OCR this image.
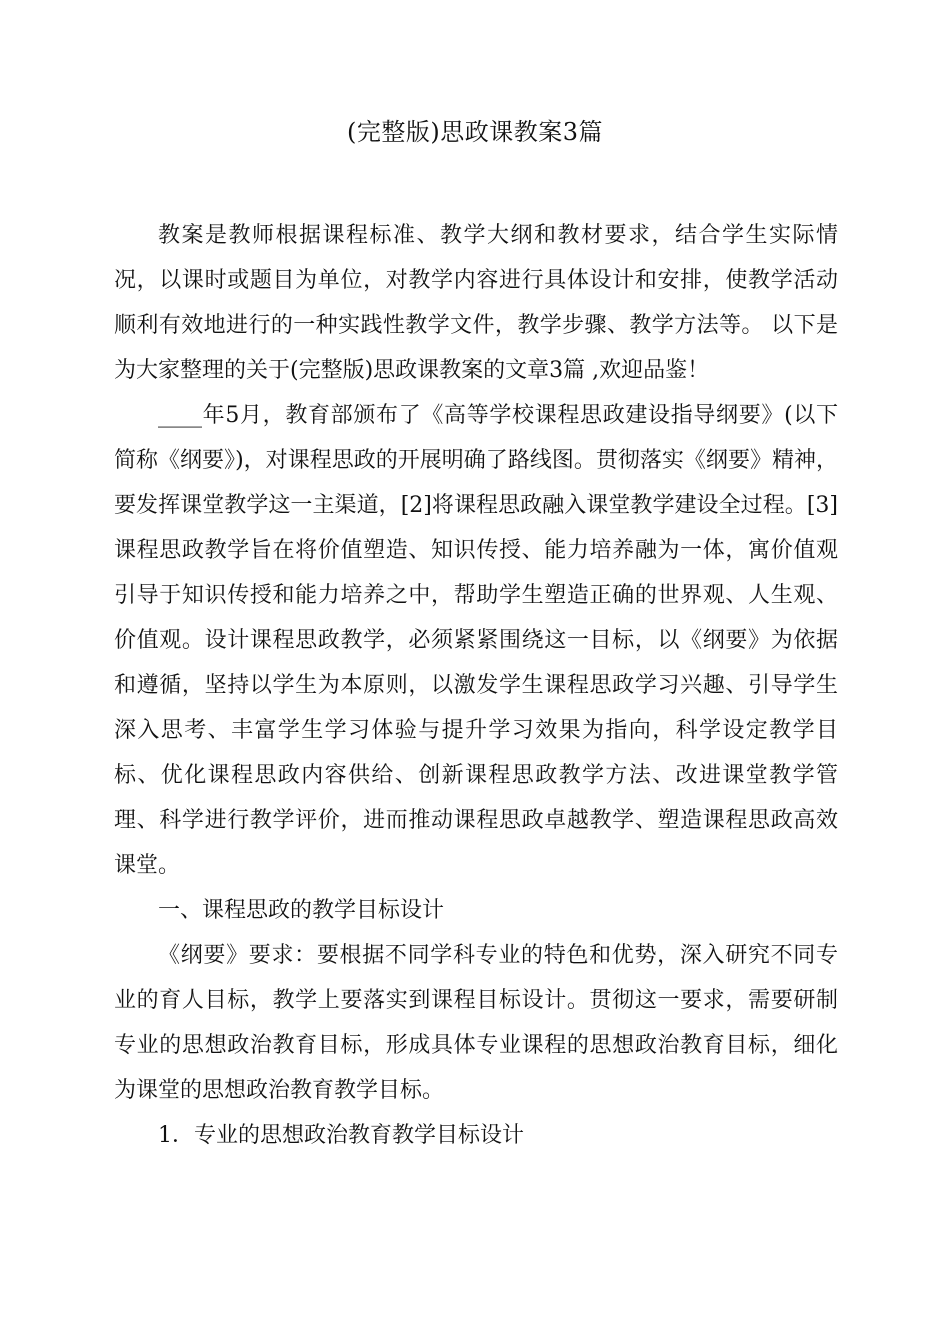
(完整版)思政课教案3篇

教案是教师根据课程标准、教学大纲和教材要求，结合学生实际情况，以课时或题目为单位，对教学内容进行具体设计和安排，使教学活动顺利有效地进行的一种实践性教学文件，教学步骤、教学方法等。 以下是为大家整理的关于(完整版)思政课教案的文章3篇 ,欢迎品鉴！

____年5月，教育部颁布了《高等学校课程思政建设指导纲要》(以下简称《纲要》)，对课程思政的开展明确了路线图。贯彻落实《纲要》精神，要发挥课堂教学这一主渠道，[2]将课程思政融入课堂教学建设全过程。[3]课程思政教学旨在将价值塑造、知识传授、能力培养融为一体，寓价值观引导于知识传授和能力培养之中，帮助学生塑造正确的世界观、人生观、价值观。设计课程思政教学，必须紧紧围绕这一目标，以《纲要》为依据和遵循，坚持以学生为本原则，以激发学生课程思政学习兴趣、引导学生深入思考、丰富学生学习体验与提升学习效果为指向，科学设定教学目标、优化课程思政内容供给、创新课程思政教学方法、改进课堂教学管理、科学进行教学评价，进而推动课程思政卓越教学、塑造课程思政高效课堂。

一、课程思政的教学目标设计

《纲要》要求：要根据不同学科专业的特色和优势，深入研究不同专业的育人目标，教学上要落实到课程目标设计。贯彻这一要求，需要研制专业的思想政治教育目标，形成具体专业课程的思想政治教育目标，细化为课堂的思想政治教育教学目标。

1．专业的思想政治教育教学目标设计
